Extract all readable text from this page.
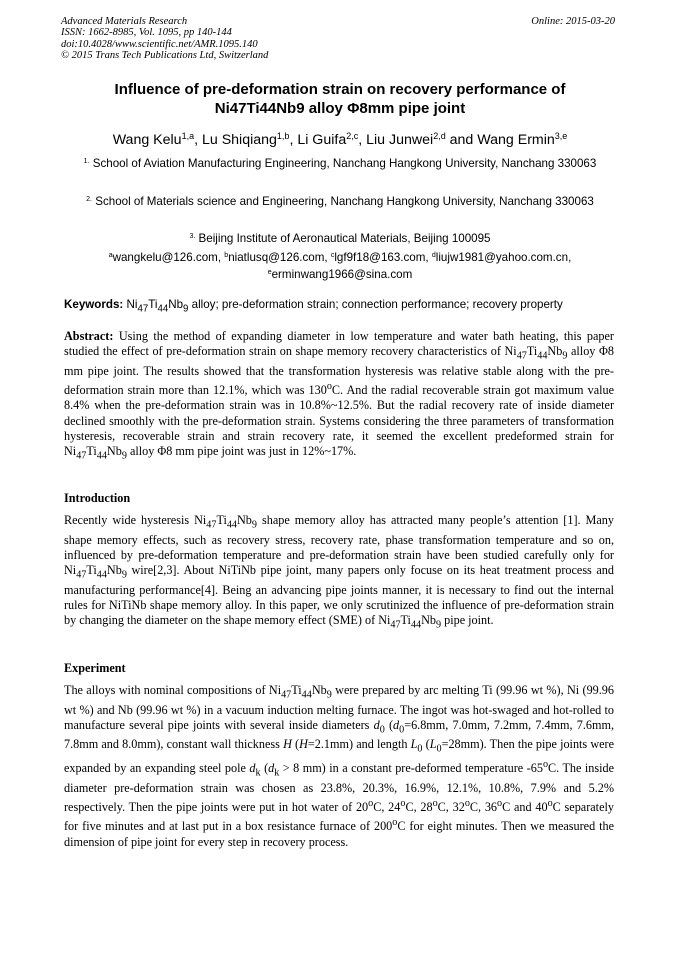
Advanced Materials Research
ISSN: 1662-8985, Vol. 1095, pp 140-144
doi:10.4028/www.scientific.net/AMR.1095.140
© 2015 Trans Tech Publications Ltd, Switzerland
Online: 2015-03-20
Influence of pre-deformation strain on recovery performance of
Ni47Ti44Nb9 alloy Φ8mm pipe joint
Wang Kelu$^{1,a}$, Lu Shiqiang$^{1,b}$, Li Guifa$^{2,c}$, Liu Junwei$^{2,d}$ and Wang Ermin$^{3,e}$
$^{1.}$ School of Aviation Manufacturing Engineering, Nanchang Hangkong University, Nanchang 330063
$^{2.}$ School of Materials science and Engineering, Nanchang Hangkong University, Nanchang 330063
$^{3.}$ Beijing Institute of Aeronautical Materials, Beijing 100095
$^a$wangkelu@126.com, $^b$niatlusq@126.com, $^c$lgf9f18@163.com, $^d$liujw1981@yahoo.com.cn,
$^e$erminwang1966@sina.com
Keywords: $Ni_{47}Ti_{44}Nb_9$ alloy; pre-deformation strain; connection performance; recovery property
Abstract: Using the method of expanding diameter in low temperature and water bath heating, this paper studied the effect of pre-deformation strain on shape memory recovery characteristics of $Ni_{47}Ti_{44}Nb_9$ alloy Φ8 mm pipe joint. The results showed that the transformation hysteresis was relative stable along with the pre-deformation strain more than 12.1%, which was 130$^o$C. And the radial recoverable strain got maximum value 8.4% when the pre-deformation strain was in 10.8%~12.5%. But the radial recovery rate of inside diameter declined smoothly with the pre-deformation strain. Systems considering the three parameters of transformation hysteresis, recoverable strain and strain recovery rate, it seemed the excellent predeformed strain for $Ni_{47}Ti_{44}Nb_9$ alloy Φ8 mm pipe joint was just in 12%~17%.
Introduction
Recently wide hysteresis $Ni_{47}Ti_{44}Nb_9$ shape memory alloy has attracted many people’s attention [1]. Many shape memory effects, such as recovery stress, recovery rate, phase transformation temperature and so on, influenced by pre-deformation temperature and pre-deformation strain have been studied carefully only for $Ni_{47}Ti_{44}Nb_9$ wire[2,3]. About NiTiNb pipe joint, many papers only focuse on its heat treatment process and manufacturing performance[4]. Being an advancing pipe joints manner, it is necessary to find out the internal rules for NiTiNb shape memory alloy. In this paper, we only scrutinized the influence of pre-deformation strain by changing the diameter on the shape memory effect (SME) of $Ni_{47}Ti_{44}Nb_9$ pipe joint.
Experiment
The alloys with nominal compositions of $Ni_{47}Ti_{44}Nb_9$ were prepared by arc melting Ti (99.96 wt %), Ni (99.96 wt %) and Nb (99.96 wt %) in a vacuum induction melting furnace. The ingot was hot-swaged and hot-rolled to manufacture several pipe joints with several inside diameters $d_0$ ($d_0=6.8mm$, 7.0mm, 7.2mm, 7.4mm, 7.6mm, 7.8mm and 8.0mm), constant wall thickness H (H=2.1mm) and length $L_0$ $(L_0=28mm)$. Then the pipe joints were expanded by an expanding steel pole $d_k$ ($d_k > 8$ mm) in a constant pre-deformed temperature -65$^o$C. The inside diameter pre-deformation strain was chosen as 23.8%, 20.3%, 16.9%, 12.1%, 10.8%, 7.9% and 5.2% respectively. Then the pipe joints were put in hot water of 20$^o$C, 24$^o$C, 28$^o$C, 32$^o$C, 36$^o$C and 40$^o$C separately for five minutes and at last put in a box resistance furnace of 200$^o$C for eight minutes. Then we measured the dimension of pipe joint for every step in recovery process.
